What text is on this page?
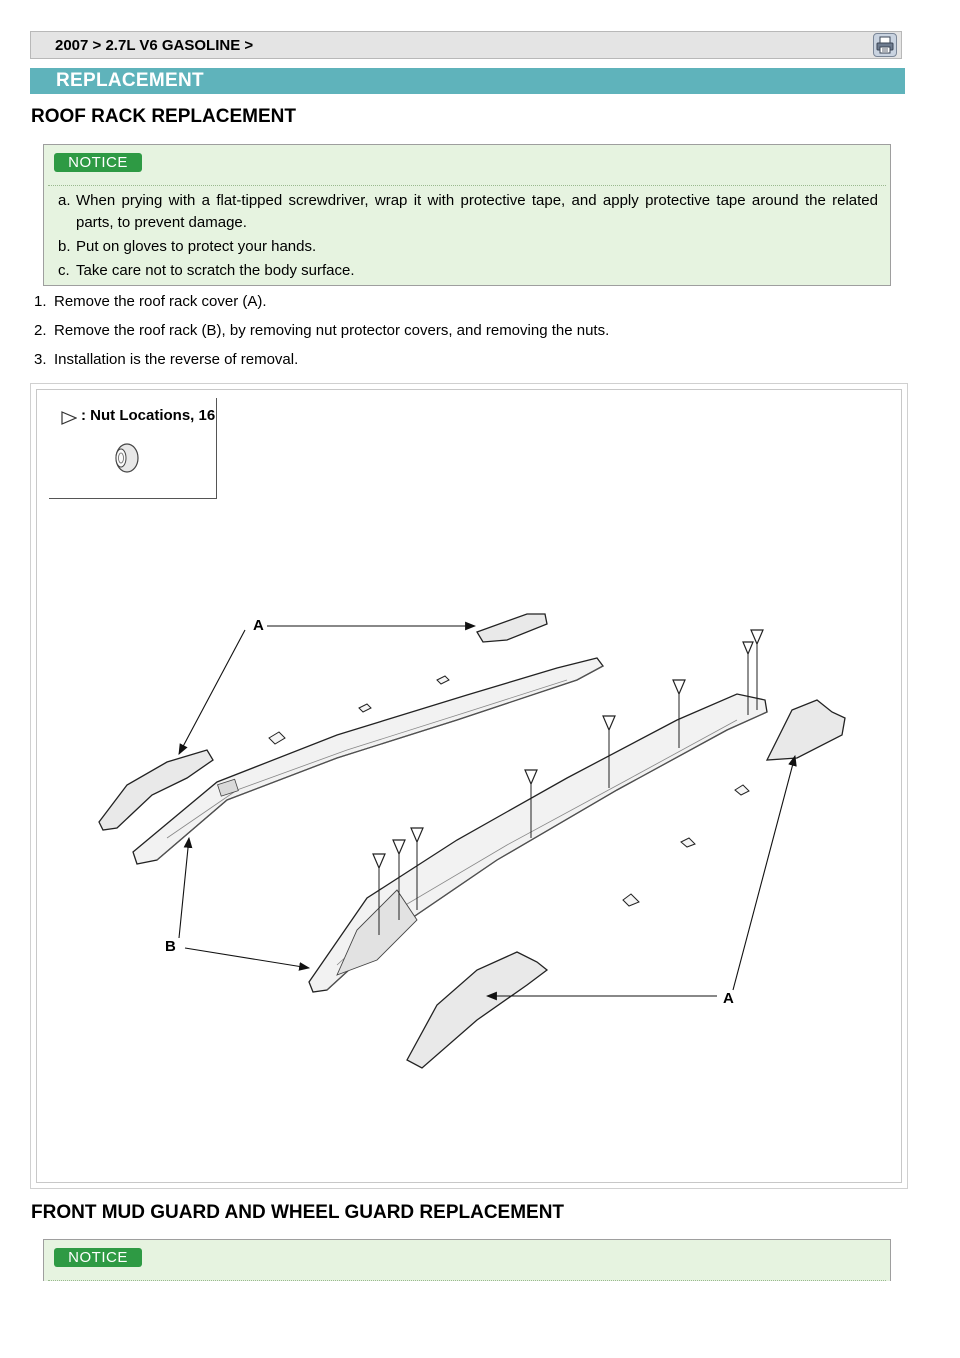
2007 > 2.7L V6 GASOLINE >
REPLACEMENT
ROOF RACK REPLACEMENT
NOTICE
a. When prying with a flat-tipped screwdriver, wrap it with protective tape, and apply protective tape around the related parts, to prevent damage.
b. Put on gloves to protect your hands.
c. Take care not to scratch the body surface.
1. Remove the roof rack cover (A).
2. Remove the roof rack (B), by removing nut protector covers, and removing the nuts.
3. Installation is the reverse of removal.
: Nut Locations, 16
A
B
A
FRONT MUD GUARD AND WHEEL GUARD REPLACEMENT
NOTICE
